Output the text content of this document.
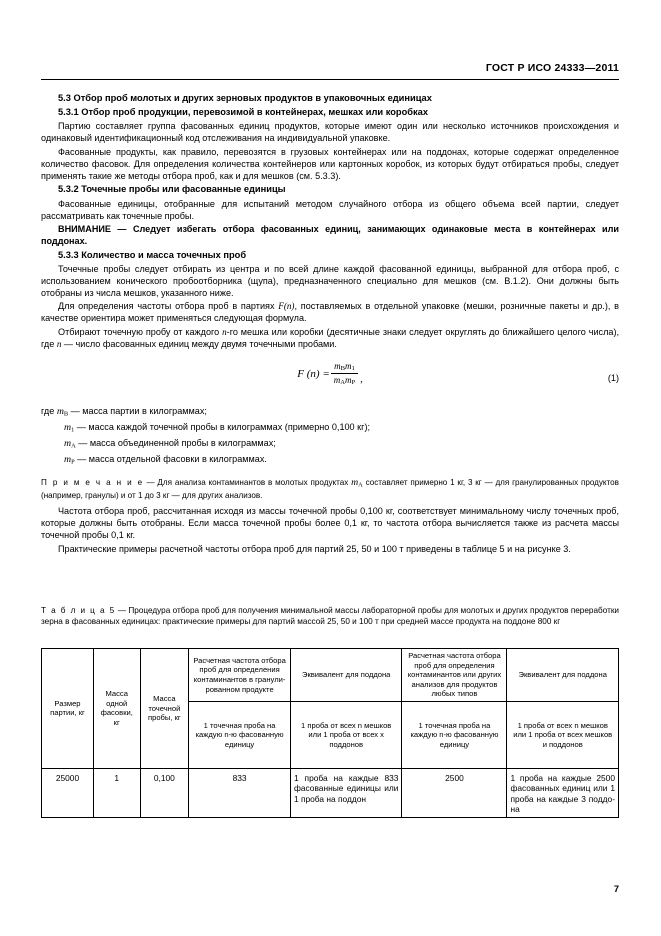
ГОСТ Р ИСО 24333—2011

5.3 Отбор проб молотых и других зерновых продуктов в упаковочных единицах

5.3.1 Отбор проб продукции, перевозимой в контейнерах, мешках или коробках

Партию составляет группа фасованных единиц продуктов, которые имеют один или несколько источников происхождения и одинаковый идентификационный код отслеживания на индивидуальной упаковке.

Фасованные продукты, как правило, перевозятся в грузовых контейнерах или на поддонах, которые содержат определенное количество фасовок. Для определения количества контейнеров или картонных коробок, из которых будут отбираться пробы, следует применять такие же методы отбора проб, как и для мешков (см. 5.3.3).

5.3.2 Точечные пробы или фасованные единицы

Фасованные единицы, отобранные для испытаний методом случайного отбора из общего объема всей партии, следует рассматривать как точечные пробы.

ВНИМАНИЕ — Следует избегать отбора фасованных единиц, занимающих одинаковые места в контейнерах или поддонах.

5.3.3 Количество и масса точечных проб

Точечные пробы следует отбирать из центра и по всей длине каждой фасованной единицы, выбранной для отбора проб, с использованием конического пробоотборника (щупа), предназначенного специально для мешков (см. В.1.2). Они должны быть отобраны из числа мешков, указанного ниже.

Для определения частоты отбора проб в партиях F(n), поставляемых в отдельной упаковке (мешки, розничные пакеты и др.), в качестве ориентира может применяться следующая формула.

Отбирают точечную пробу от каждого n-го мешка или коробки (десятичные знаки следует округлять до ближайшего целого числа), где n — число фасованных единиц между двумя точечными пробами.

F $(n) = \frac{m_Вm_1}{m_Аm_Р}$ ,	(1)
где $m_В$ — масса партии в килограммах;
$m_1$ — масса каждой точечной пробы в килограммах (примерно 0,100 кг);
$m_А$ — масса объединенной пробы в килограммах;
$m_Р$ — масса отдельной фасовки в килограммах.
П р и м е ч а н и е — Для анализа контаминантов в молотых продуктах $m_A$ составляет примерно 1 кг, 3 кг — для гранулированных продуктов (например, гранулы) и от 1 до 3 кг — для других анализов.

Частота отбора проб, рассчитанная исходя из массы точечной пробы 0,100 кг, соответствует минимальному числу точечных проб, которые должны быть отобраны. Если масса точечной пробы более 0,1 кг, то частота отбора вычисляется также из расчета массы точечной пробы 0,1 кг.

Практические примеры расчетной частоты отбора проб для партий 25, 50 и 100 т приведены в таблице 5 и на рисунке 3.

Т а б л и ц а 5 — Процедура отбора проб для получения минимальной массы лабораторной пробы для молотых и других продуктов переработки зерна в фасованных единицах: практические примеры для партий массой 25, 50 и 100 т при средней массе продукта на поддоне 800 кг
Размер партии, кг	Масса одной фасовки, кг	Масса точечной пробы, кг	Расчетная частота отбора проб для определения контаминантов в гранулированном продукте	Эквивалент для поддона	Расчетная частота отбора проб для определения контаминантов или других анализов для продуктов любых типов	Эквивалент для поддона
			1 точечная проба на каждую n-ю фасованную единицу	1 проба от всех n мешков или 1 проба от всех x поддонов	1 точечная проба на каждую n-ю фасованную единицу	1 проба от всех n мешков или 1 проба от всех мешков и поддонов
25000	1	0,100	833	1 проба на каждые 833 фасованные единицы или 1 проба на поддон	2500	1 проба на каждые 2500 фасованных единиц или 1 проба на каждые 3 поддона
7
